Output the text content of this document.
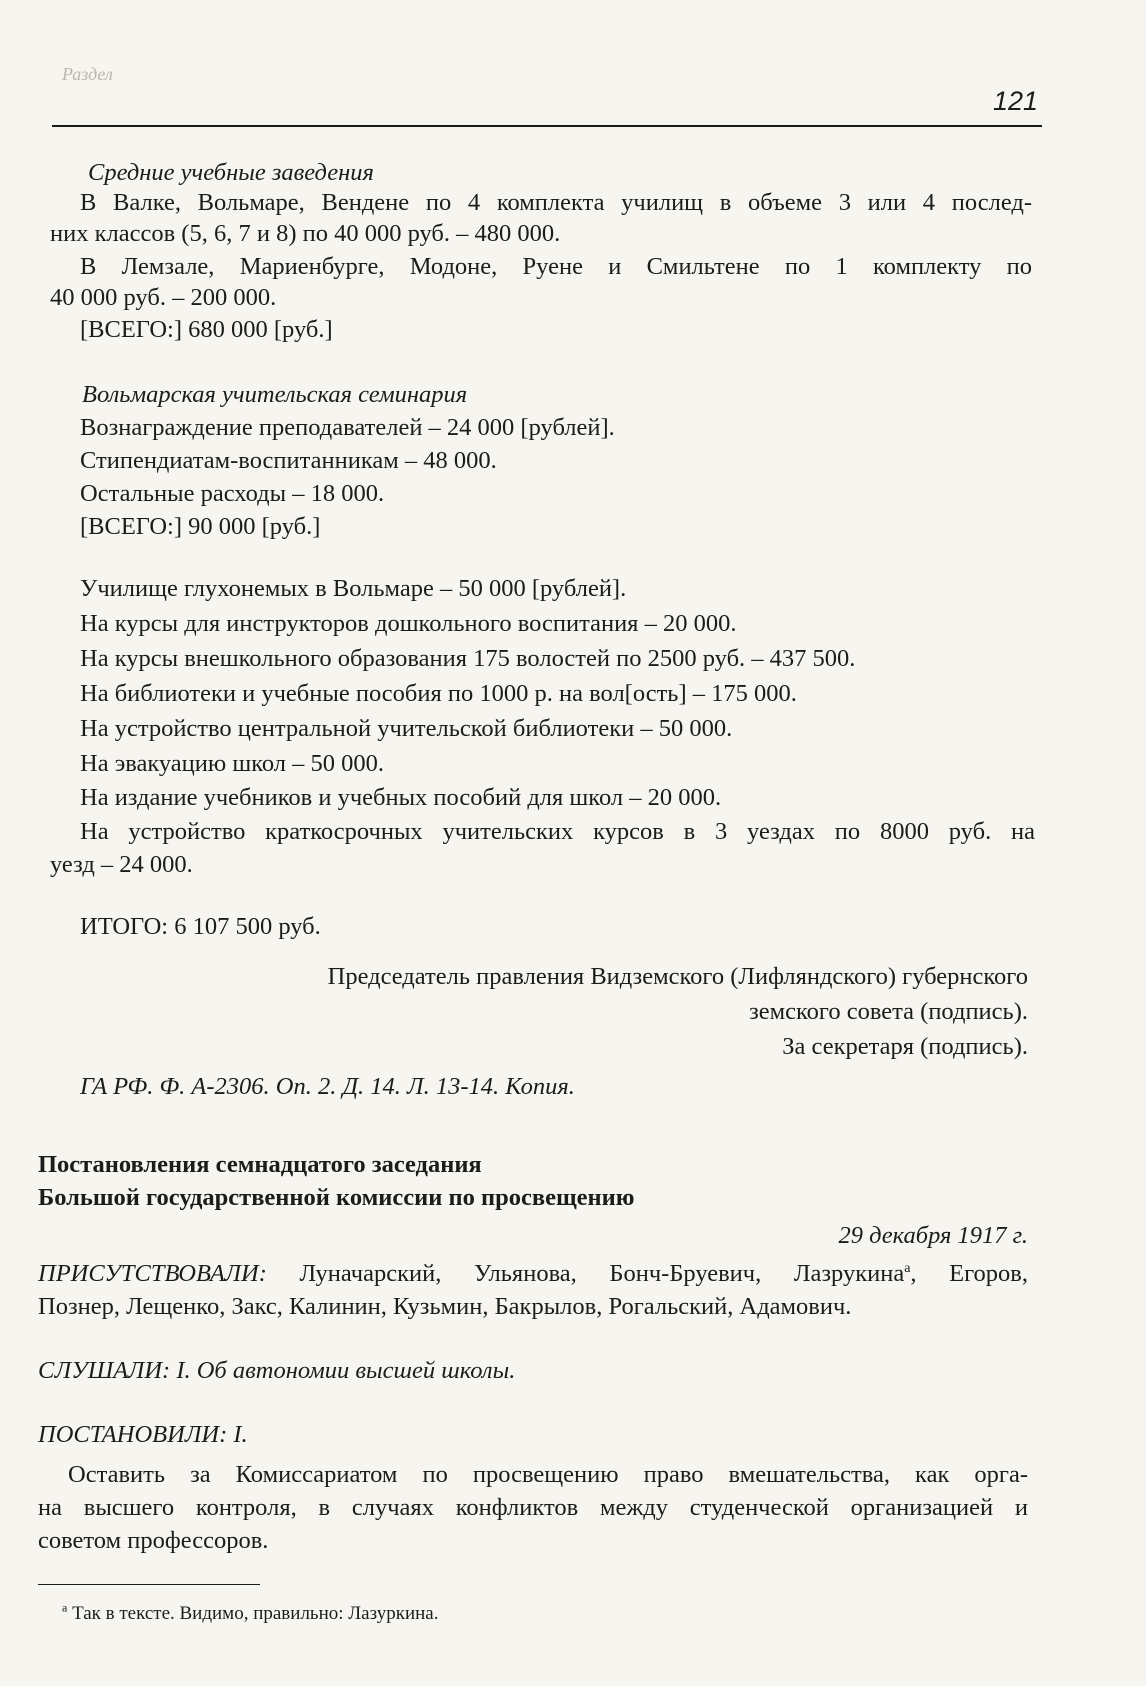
Раздел
121
Средние учебные заведения
В Валке, Вольмаре, Вендене по 4 комплекта училищ в объеме 3 или 4 послед-
них классов (5, 6, 7 и 8) по 40 000 руб. – 480 000.
В Лемзале, Мариенбурге, Модоне, Руене и Смильтене по 1 комплекту по
40 000 руб. – 200 000.
[ВСЕГО:] 680 000 [руб.]
Вольмарская учительская семинария
Вознаграждение преподавателей – 24 000 [рублей].
Стипендиатам-воспитанникам – 48 000.
Остальные расходы – 18 000.
[ВСЕГО:] 90 000 [руб.]
Училище глухонемых в Вольмаре – 50 000 [рублей].
На курсы для инструкторов дошкольного воспитания – 20 000.
На курсы внешкольного образования 175 волостей по 2500 руб. – 437 500.
На библиотеки и учебные пособия по 1000 р. на вол[ость] – 175 000.
На устройство центральной учительской библиотеки – 50 000.
На эвакуацию школ – 50 000.
На издание учебников и учебных пособий для школ – 20 000.
На устройство краткосрочных учительских курсов в 3 уездах по 8000 руб. на
уезд – 24 000.
ИТОГО: 6 107 500 руб.
Председатель правления Видземского (Лифляндского) губернского
земского совета (подпись).
За секретаря (подпись).
ГА РФ. Ф. А-2306. Оп. 2. Д. 14. Л. 13-14. Копия.
Постановления семнадцатого заседания
Большой государственной комиссии по просвещению
29 декабря 1917 г.
ПРИСУТСТВОВАЛИ: Луначарский, Ульянова, Бонч-Бруевич, Лазрукина$^а$, Егоров,
Познер, Лещенко, Закс, Калинин, Кузьмин, Бакрылов, Рогальский, Адамович.
СЛУШАЛИ: I. Об автономии высшей школы.
ПОСТАНОВИЛИ: I.
Оставить за Комиссариатом по просвещению право вмешательства, как орга-
на высшего контроля, в случаях конфликтов между студенческой организацией и
советом профессоров.
$^а$ Так в тексте. Видимо, правильно: Лазуркина.
